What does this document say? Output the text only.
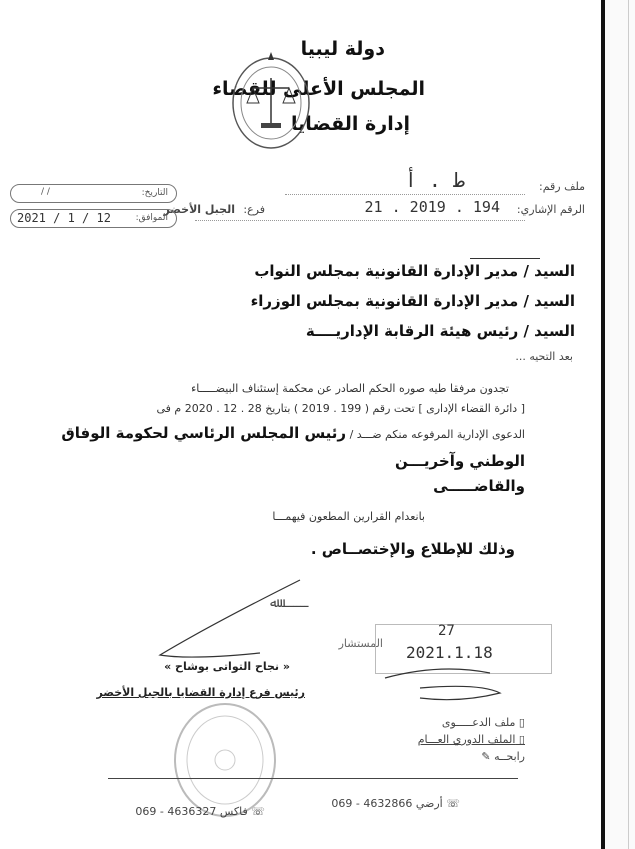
دولة ليبيا
المجلس الأعلى للقضاء
إدارة القضايا
ملف رقم:
ط . أ
الرقم الإشاري:
21 . 2019 . 194
فرع:
الجبل الأخضر
التاريخ:
/ /
الموافق:
12 / 1 / 2021
السيد / مدير الإدارة القانونية بمجلس النواب
السيد / مدير الإدارة القانونية بمجلس الوزراء
السيد / رئيس هيئة الرقابة الإداريــــة
بعد التحيه ...
تجدون مرفقا طيه صوره الحكم الصادر عن محكمة إستئناف البيضـــــاء
[ دائرة القضاء الإدارى ] تحت رقم ( 199 . 2019 ) بتاريخ 28 . 12 . 2020 م فى
الدعوى الإدارية المرفوعه منكم ضـــد / رئيس المجلس الرئاسي لحكومة الوفاق
الوطني وآخريـــن
والقاضـــــى
بانعدام القرارين المطعون فيهمـــا
وذلك للإطلاع والإختصــاص .
ـــــــ ﷲ
المستشار
« نجاح التواتى بوشاح »
رئيس فرع إدارة القضايا بالجبل الأخضر
27
2021.1.18
▯ ملف الدعـــــوى
▯ الملف الدوري العـــام
رابحــه ✎
☏ أرضي 069 - 4632866
☏ فاكس 069 - 4636327
